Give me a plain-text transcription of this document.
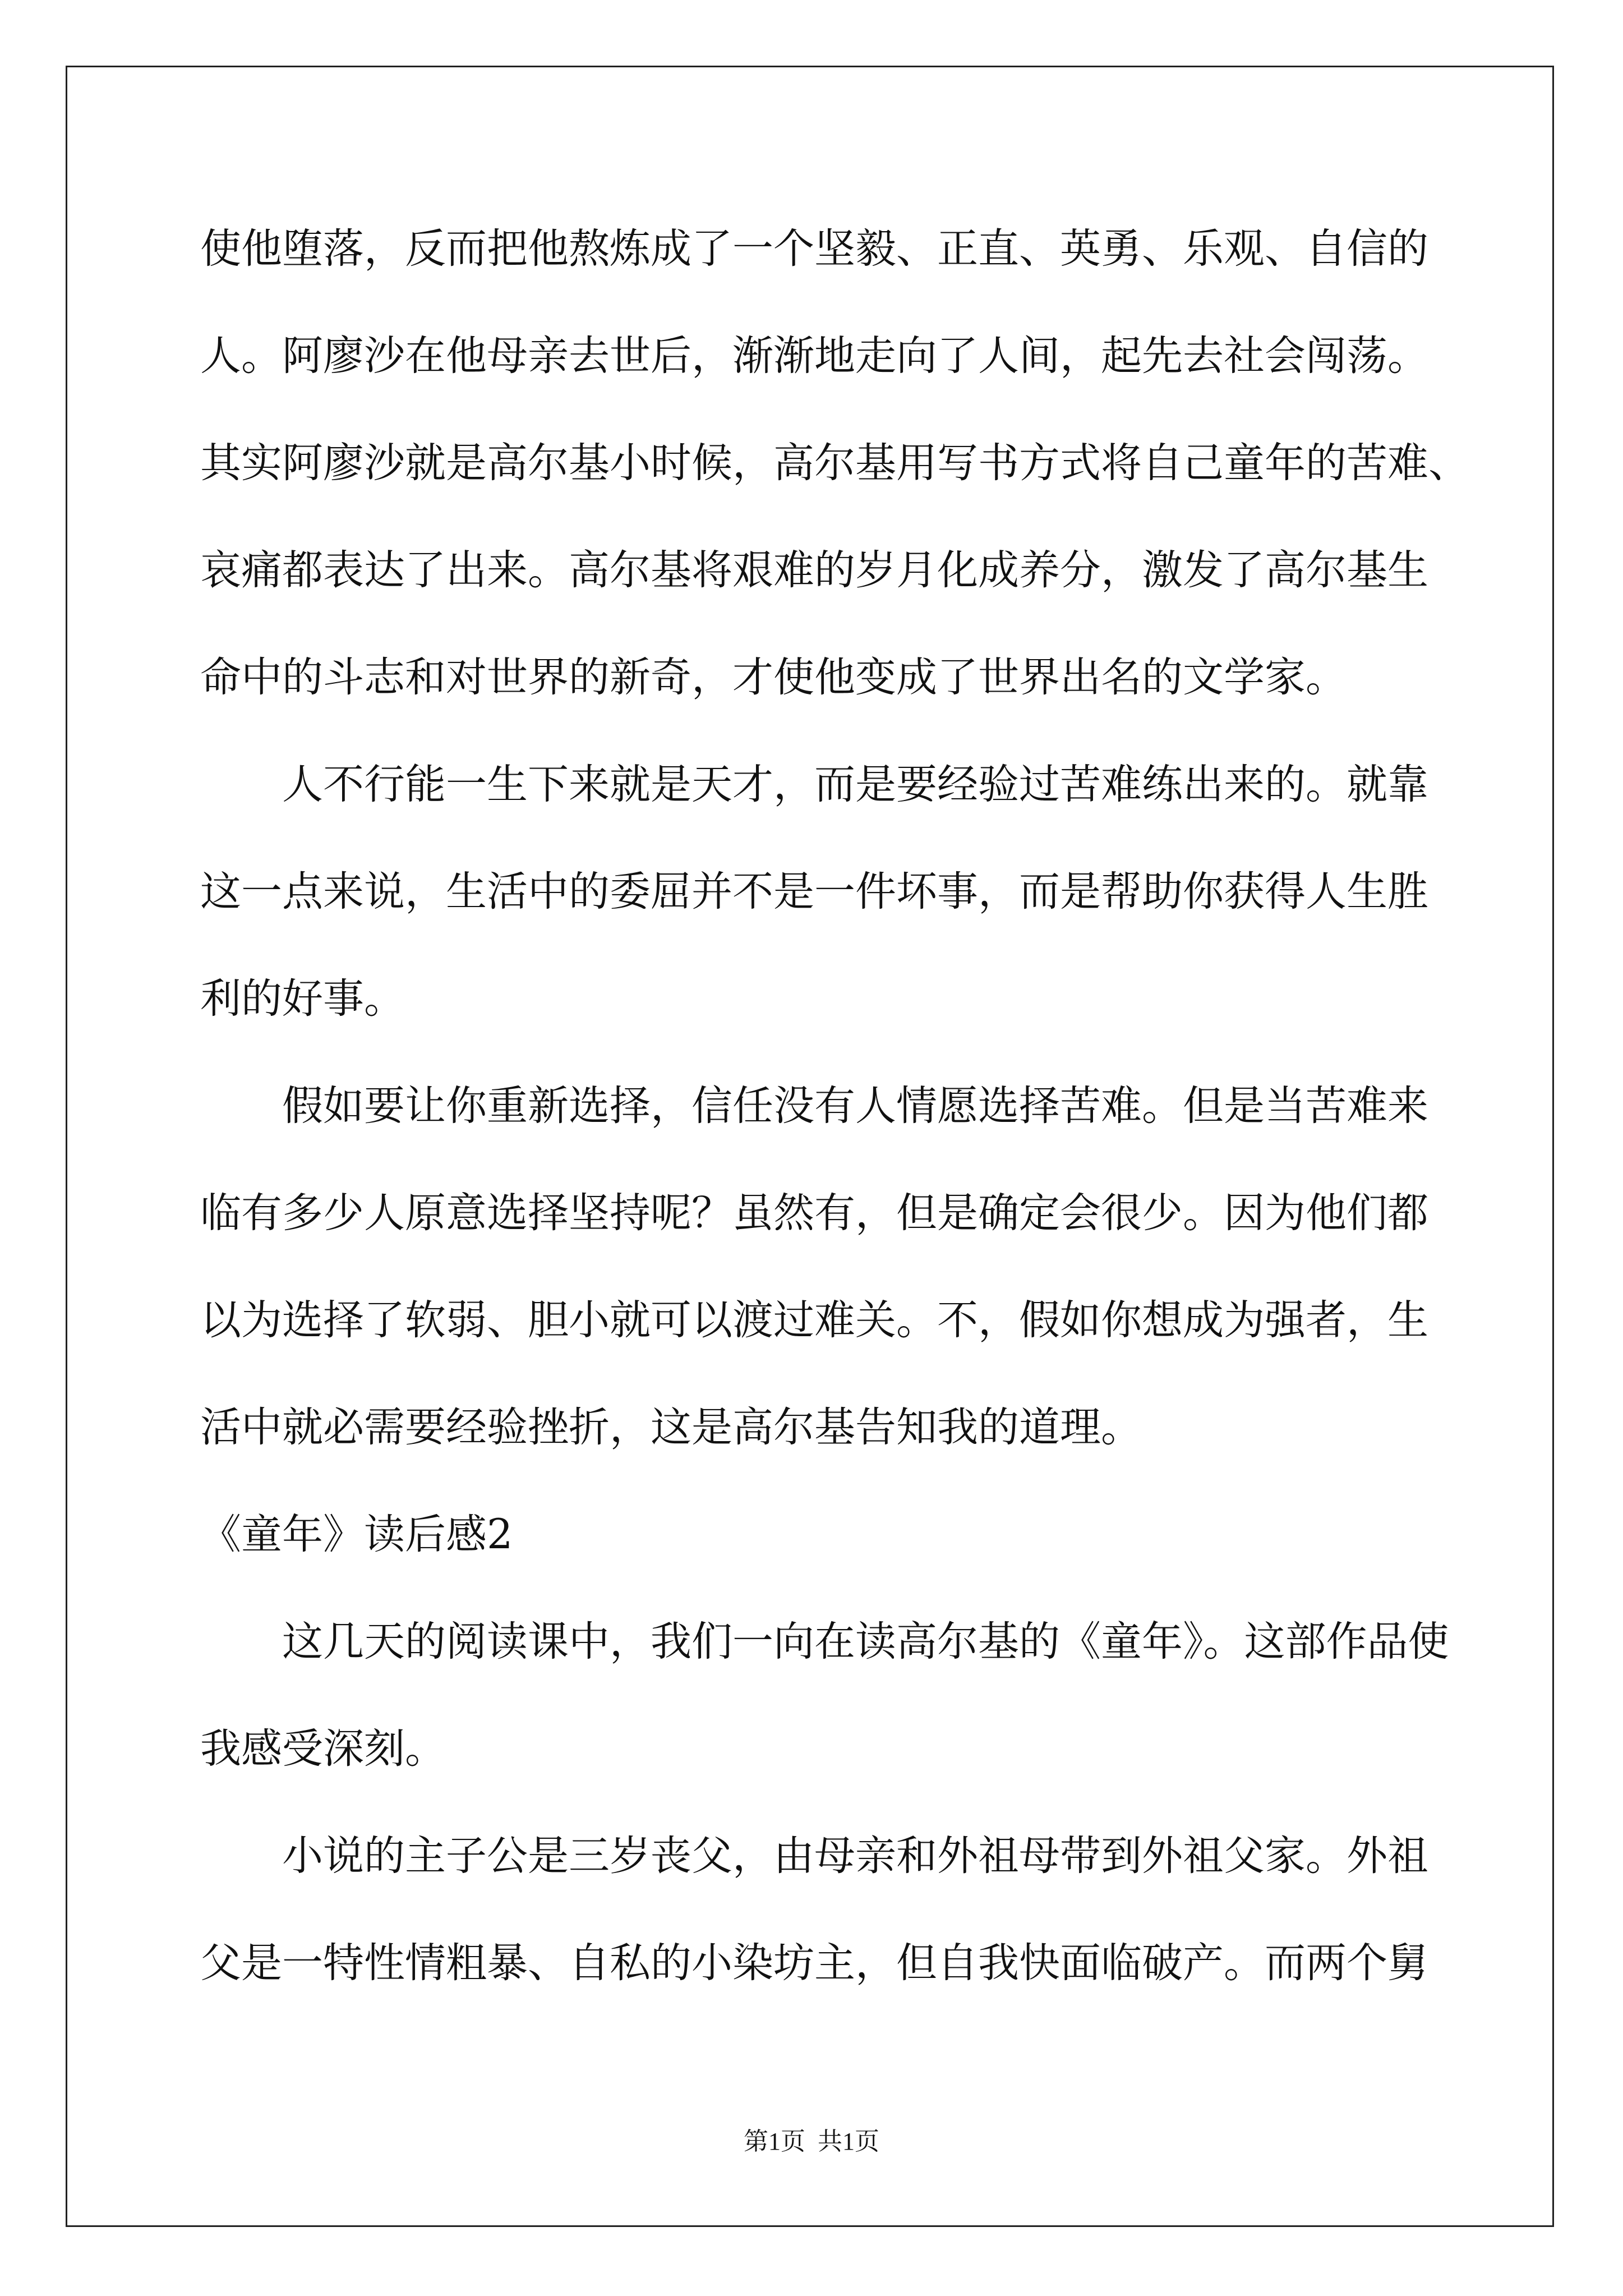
使他堕落，反而把他熬炼成了一个坚毅、正直、英勇、乐观、自信的
人。阿廖沙在他母亲去世后，渐渐地走向了人间，起先去社会闯荡。
其实阿廖沙就是高尔基小时候，高尔基用写书方式将自己童年的苦难、
哀痛都表达了出来。高尔基将艰难的岁月化成养分，激发了高尔基生
命中的斗志和对世界的新奇，才使他变成了世界出名的文学家。
人不行能一生下来就是天才，而是要经验过苦难练出来的。就靠
这一点来说，生活中的委屈并不是一件坏事，而是帮助你获得人生胜
利的好事。
假如要让你重新选择，信任没有人情愿选择苦难。但是当苦难来
临有多少人原意选择坚持呢？虽然有，但是确定会很少。因为他们都
以为选择了软弱、胆小就可以渡过难关。不，假如你想成为强者，生
活中就必需要经验挫折，这是高尔基告知我的道理。
《童年》读后感2
这几天的阅读课中，我们一向在读高尔基的《童年》。这部作品使
我感受深刻。
小说的主子公是三岁丧父，由母亲和外祖母带到外祖父家。外祖
父是一特性情粗暴、自私的小染坊主，但自我快面临破产。而两个舅
第1页  共1页
